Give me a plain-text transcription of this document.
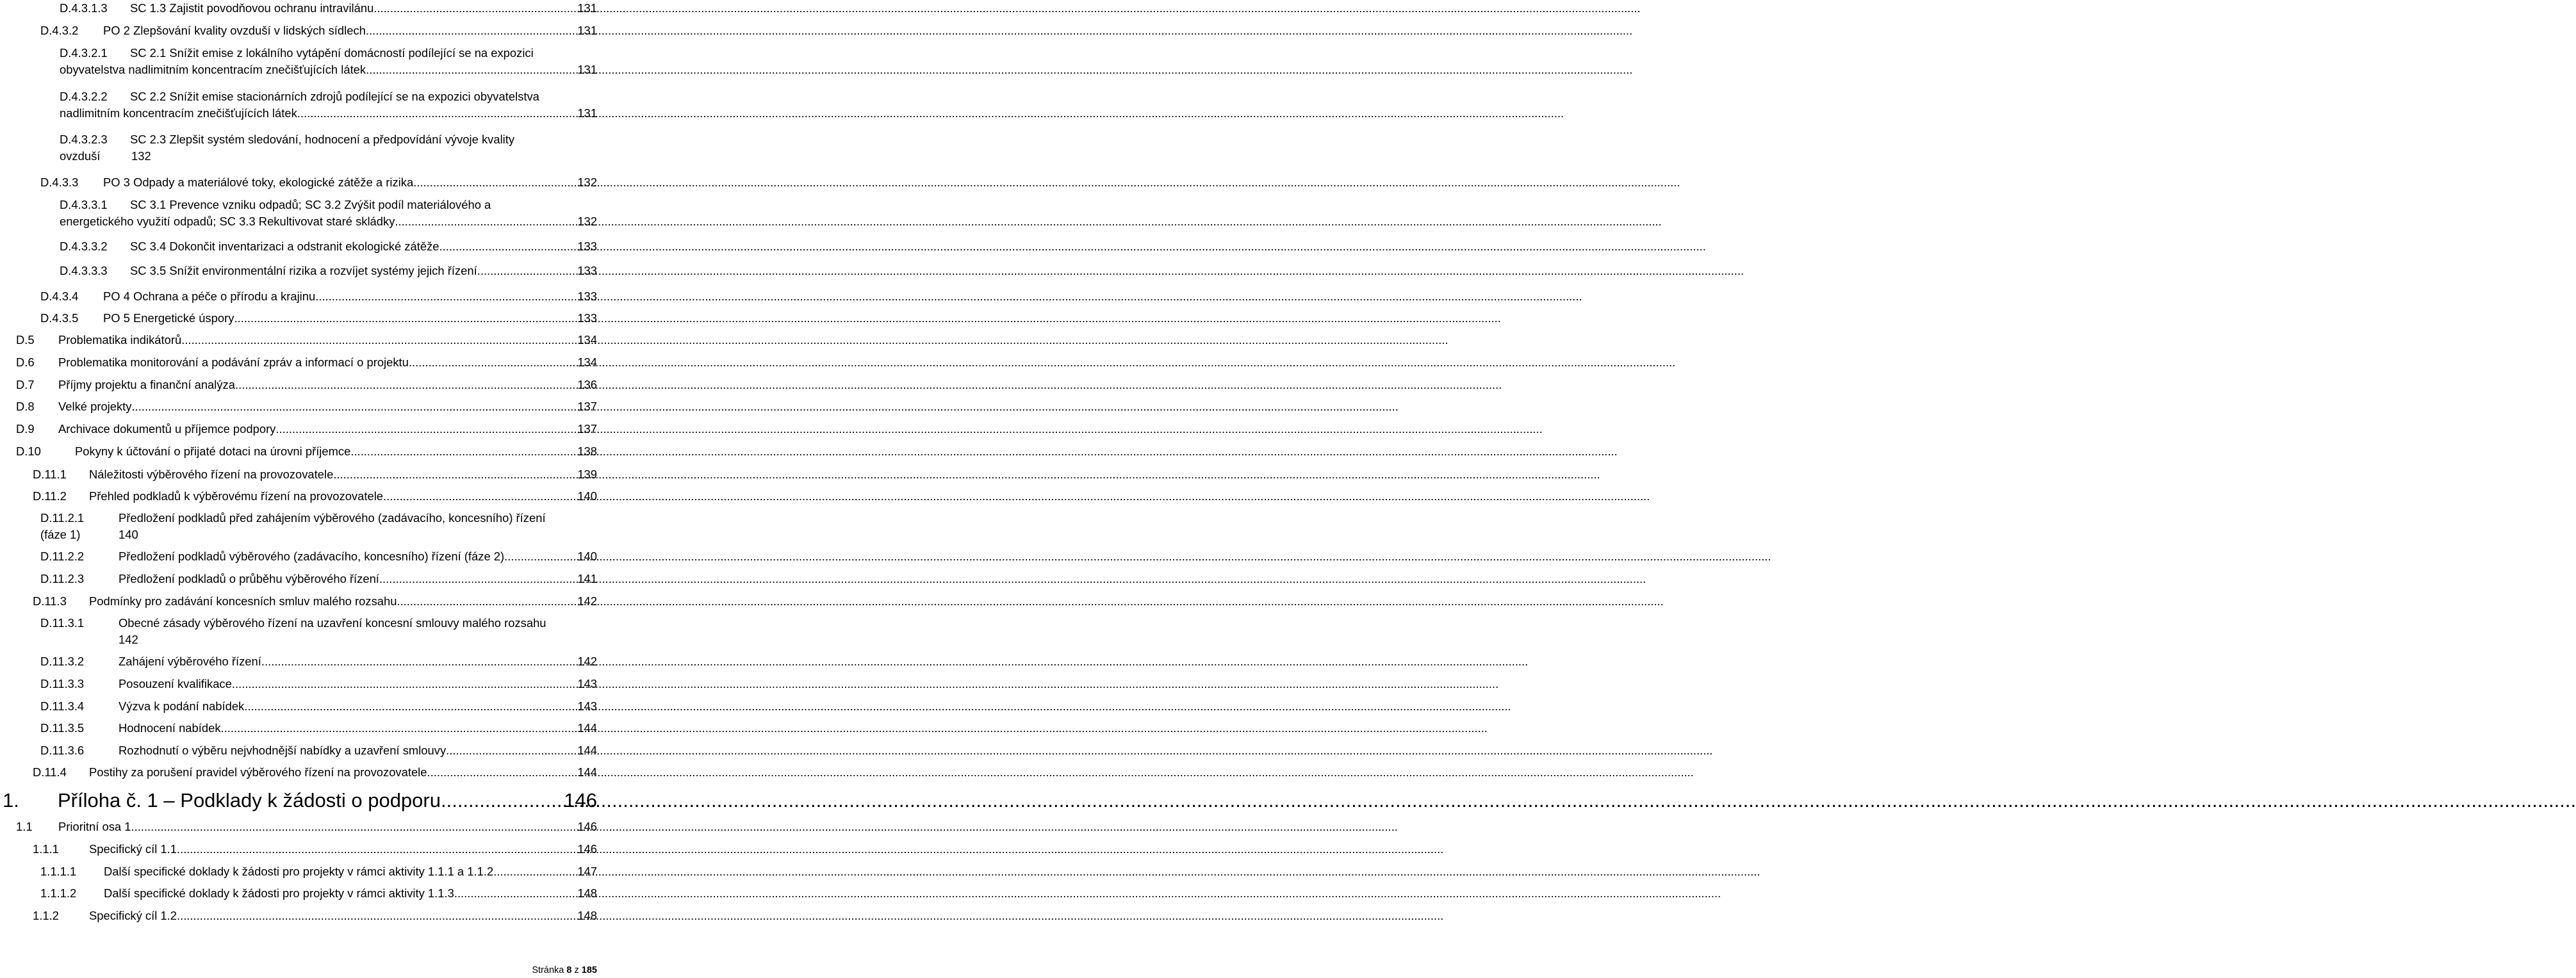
D.4.3.1.3	SC 1.3 Zajistit povodňovou ochranu intravilánu .....	131
D.4.3.2	PO 2 Zlepšování kvality ovzduší v lidských sídlech .....	131
D.4.3.2.1	SC 2.1 Snížit emise z lokálního vytápění domácností podílející se na expozici
obyvatelstva nadlimitním koncentracím znečišťujících látek .....	131
D.4.3.2.2	SC 2.2 Snížit emise stacionárních zdrojů podílející se na expozici obyvatelstva
nadlimitním koncentracím znečišťujících látek .....	131
D.4.3.2.3	SC 2.3 Zlepšit systém sledování, hodnocení a předpovídání vývoje kvality
ovzduší	132
D.4.3.3	PO 3 Odpady a materiálové toky, ekologické zátěže a rizika .....	132
D.4.3.3.1	SC 3.1 Prevence vzniku odpadů; SC 3.2 Zvýšit podíl materiálového a
energetického využití odpadů; SC 3.3 Rekultivovat staré skládky .....	132
D.4.3.3.2	SC 3.4 Dokončit inventarizaci a odstranit ekologické zátěže .....	133
D.4.3.3.3	SC 3.5 Snížit environmentální rizika a rozvíjet systémy jejich řízení .....	133
D.4.3.4	PO 4 Ochrana a péče o přírodu a krajinu .....	133
D.4.3.5	PO 5 Energetické úspory .....	133
D.5	Problematika indikátorů .....	134
D.6	Problematika monitorování a podávání zpráv a informací o projektu .....	134
D.7	Příjmy projektu a finanční analýza .....	136
D.8	Velké projekty .....	137
D.9	Archivace dokumentů u příjemce podpory .....	137
D.10	Pokyny k účtování o přijaté dotaci na úrovni příjemce .....	138
D.11.1	Náležitosti výběrového řízení na provozovatele .....	139
D.11.2	Přehled podkladů k výběrovému řízení na provozovatele .....	140
D.11.2.1	Předložení podkladů před zahájením výběrového (zadávacího, koncesního) řízení
(fáze 1)	140
D.11.2.2	Předložení podkladů výběrového (zadávacího, koncesního) řízení (fáze 2) .....	140
D.11.2.3	Předložení podkladů o průběhu výběrového řízení .....	141
D.11.3	Podmínky pro zadávání koncesních smluv malého rozsahu .....	142
D.11.3.1	Obecné zásady výběrového řízení na uzavření koncesní smlouvy malého rozsahu
142
D.11.3.2	Zahájení výběrového řízení .....	142
D.11.3.3	Posouzení kvalifikace .....	143
D.11.3.4	Výzva k podání nabídek .....	143
D.11.3.5	Hodnocení nabídek .....	144
D.11.3.6	Rozhodnutí o výběru nejvhodnější nabídky a uzavření smlouvy .....	144
D.11.4	Postihy za porušení pravidel výběrového řízení na provozovatele .....	144
1.	Příloha č. 1 – Podklady k žádosti o podporu .....	146
1.1	Prioritní osa 1 .....	146
1.1.1	Specifický cíl 1.1 .....	146
1.1.1.1	Další specifické doklady k žádosti pro projekty v rámci aktivity 1.1.1 a 1.1.2 .....	147
1.1.1.2	Další specifické doklady k žádosti pro projekty v rámci aktivity 1.1.3 .....	148
1.1.2	Specifický cíl 1.2 .....	148
Stránka 8 z 185
